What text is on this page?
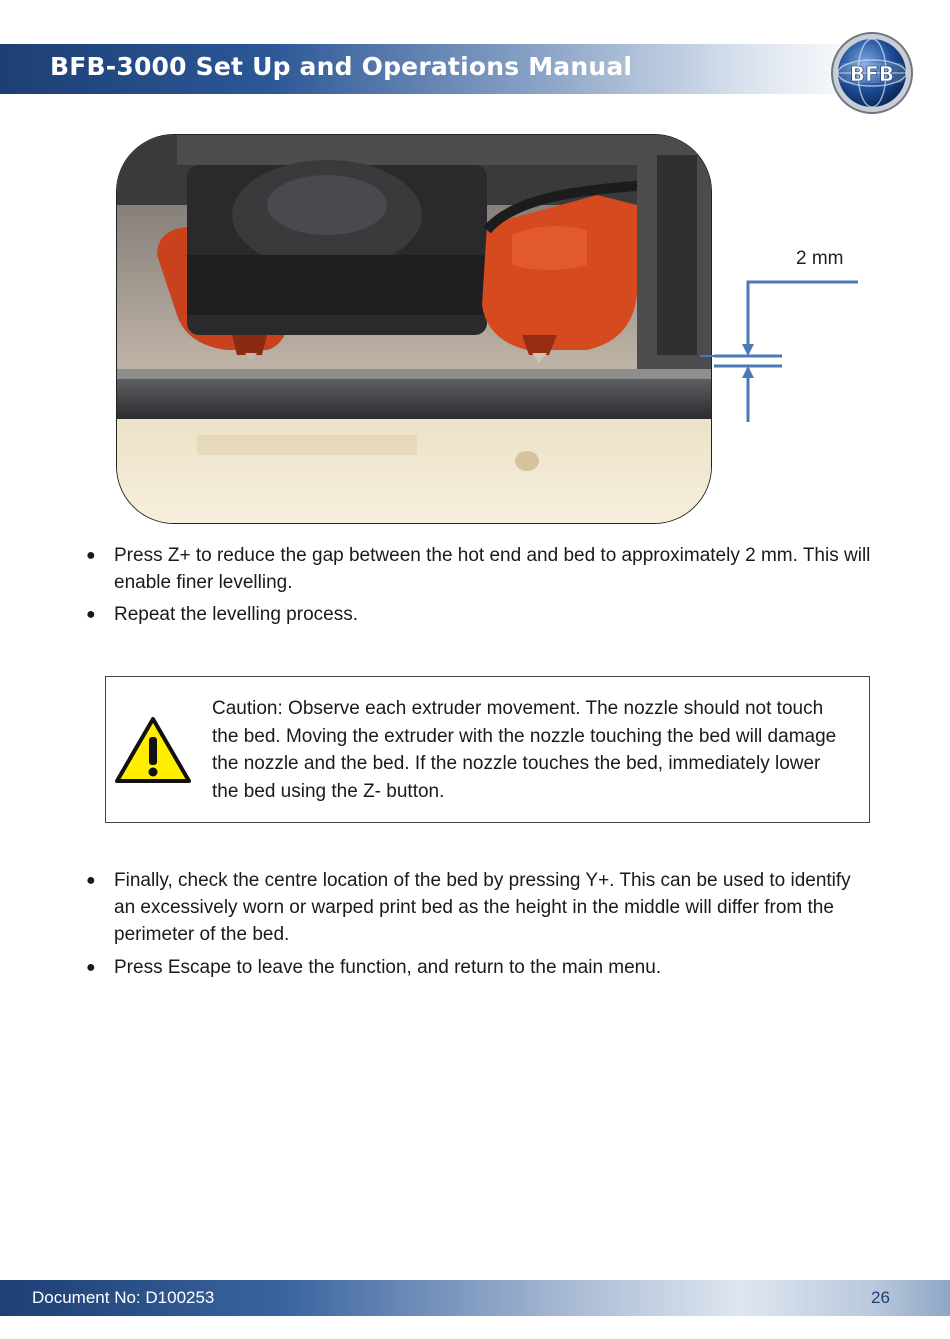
BFB-3000 Set Up and Operations Manual	BFB
2 mm
● Press Z+ to reduce the gap between the hot end and bed to approximately 2 mm. This will enable finer levelling.
● Repeat the levelling process.
Caution: Observe each extruder movement. The nozzle should not touch the bed. Moving the extruder with the nozzle touching the bed will damage the nozzle and the bed. If the nozzle touches the bed, immediately lower the bed using the Z- button.
● Finally, check the centre location of the bed by pressing Y+. This can be used to identify an excessively worn or warped print bed as the height in the middle will differ from the perimeter of the bed.
● Press Escape to leave the function, and return to the main menu.
Document No: D100253	26
